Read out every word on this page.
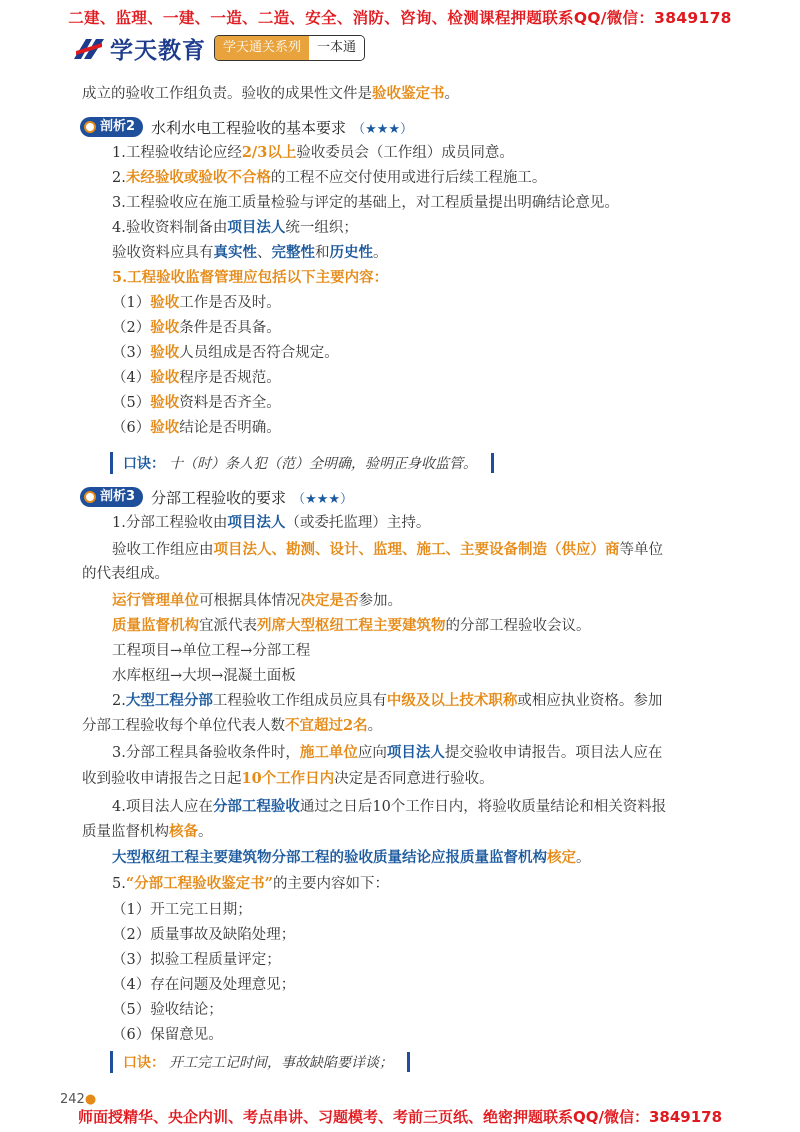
二建、监理、一建、一造、二造、安全、消防、咨询、检测课程押题联系QQ/微信：3849178
学天教育	学天通关系列	一本通
成立的验收工作组负责。验收的成果性文件是验收鉴定书。
剖析2	水利水电工程验收的基本要求 （★★★）
1.工程验收结论应经2/3以上验收委员会（工作组）成员同意。
2.未经验收或验收不合格的工程不应交付使用或进行后续工程施工。
3.工程验收应在施工质量检验与评定的基础上，对工程质量提出明确结论意见。
4.验收资料制备由项目法人统一组织；
验收资料应具有真实性、完整性和历史性。
5.工程验收监督管理应包括以下主要内容：
（1）验收工作是否及时。
（2）验收条件是否具备。
（3）验收人员组成是否符合规定。
（4）验收程序是否规范。
（5）验收资料是否齐全。
（6）验收结论是否明确。
口诀： 十（时）条人犯（范）全明确，验明正身收监管。
剖析3	分部工程验收的要求 （★★★）
1.分部工程验收由项目法人（或委托监理）主持。
验收工作组应由项目法人、勘测、设计、监理、施工、主要设备制造（供应）商等单位
的代表组成。
运行管理单位可根据具体情况决定是否参加。
质量监督机构宜派代表列席大型枢纽工程主要建筑物的分部工程验收会议。
工程项目→单位工程→分部工程
水库枢纽→大坝→混凝土面板
2.大型工程分部工程验收工作组成员应具有中级及以上技术职称或相应执业资格。参加
分部工程验收每个单位代表人数不宜超过2名。
3.分部工程具备验收条件时，施工单位应向项目法人提交验收申请报告。项目法人应在
收到验收申请报告之日起10个工作日内决定是否同意进行验收。
4.项目法人应在分部工程验收通过之日后10个工作日内，将验收质量结论和相关资料报
质量监督机构核备。
大型枢纽工程主要建筑物分部工程的验收质量结论应报质量监督机构核定。
5.“分部工程验收鉴定书”的主要内容如下：
（1）开工完工日期；
（2）质量事故及缺陷处理；
（3）拟验工程质量评定；
（4）存在问题及处理意见；
（5）验收结论；
（6）保留意见。
口诀： 开工完工记时间，事故缺陷要详谈；
242●
师面授精华、央企内训、考点串讲、习题模考、考前三页纸、绝密押题联系QQ/微信：3849178
